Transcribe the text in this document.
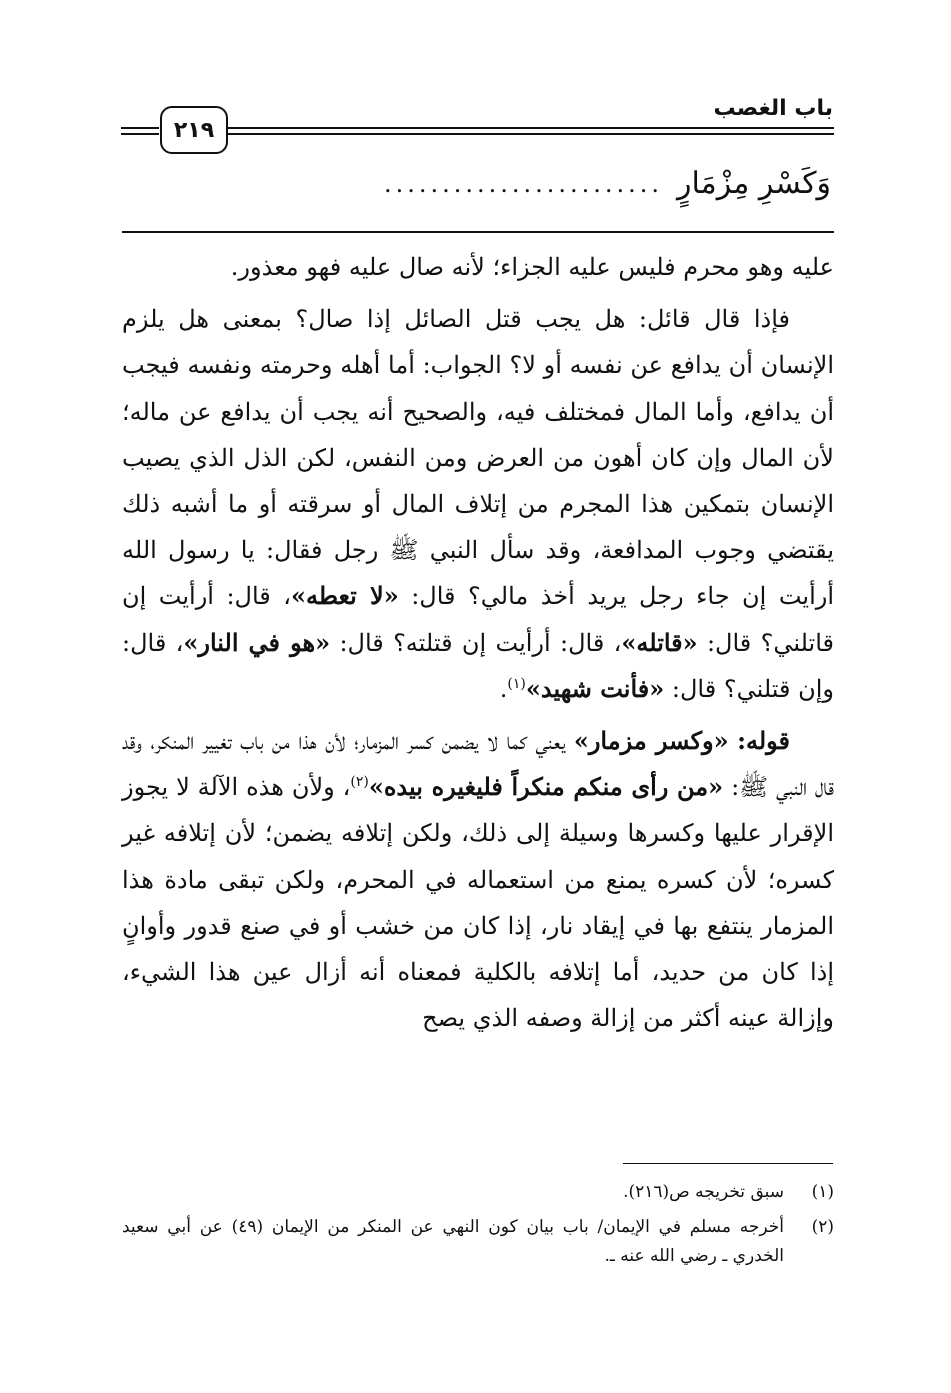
باب الغصب
٢١٩
وَكَسْرِ مِزْمَارٍ
........................

عليه وهو محرم فليس عليه الجزاء؛ لأنه صال عليه فهو معذور.

فإذا قال قائل: هل يجب قتل الصائل إذا صال؟ بمعنى هل يلزم الإنسان أن يدافع عن نفسه أو لا؟ الجواب: أما أهله وحرمته ونفسه فيجب أن يدافع، وأما المال فمختلف فيه، والصحيح أنه يجب أن يدافع عن ماله؛ لأن المال وإن كان أهون من العرض ومن النفس، لكن الذل الذي يصيب الإنسان بتمكين هذا المجرم من إتلاف المال أو سرقته أو ما أشبه ذلك يقتضي وجوب المدافعة، وقد سأل النبي ﷺ رجل فقال: يا رسول الله أرأيت إن جاء رجل يريد أخذ مالي؟ قال: «لا تعطه»، قال: أرأيت إن قاتلني؟ قال: «قاتله»، قال: أرأيت إن قتلته؟ قال: «هو في النار»، قال: وإن قتلني؟ قال: «فأنت شهيد»$^{(١)}$.

قوله: «وكسر مزمار» يعني كما لا يضمن كسر المزمار؛ لأن هذا من باب تغيير المنكر، وقد قال النبي ﷺ: «من رأى منكم منكراً فليغيره بيده»$^{(٢)}$، ولأن هذه الآلة لا يجوز الإقرار عليها وكسرها وسيلة إلى ذلك، ولكن إتلافه يضمن؛ لأن إتلافه غير كسره؛ لأن كسره يمنع من استعماله في المحرم، ولكن تبقى مادة هذا المزمار ينتفع بها في إيقاد نار، إذا كان من خشب أو في صنع قدور وأوانٍ إذا كان من حديد، أما إتلافه بالكلية فمعناه أنه أزال عين هذا الشيء، وإزالة عينه أكثر من إزالة وصفه الذي يصح

(١)
سبق تخريجه ص(٢١٦).
(٢)
أخرجه مسلم في الإيمان/ باب بيان كون النهي عن المنكر من الإيمان (٤٩) عن أبي سعيد الخدري ـ رضي الله عنه ـ.
